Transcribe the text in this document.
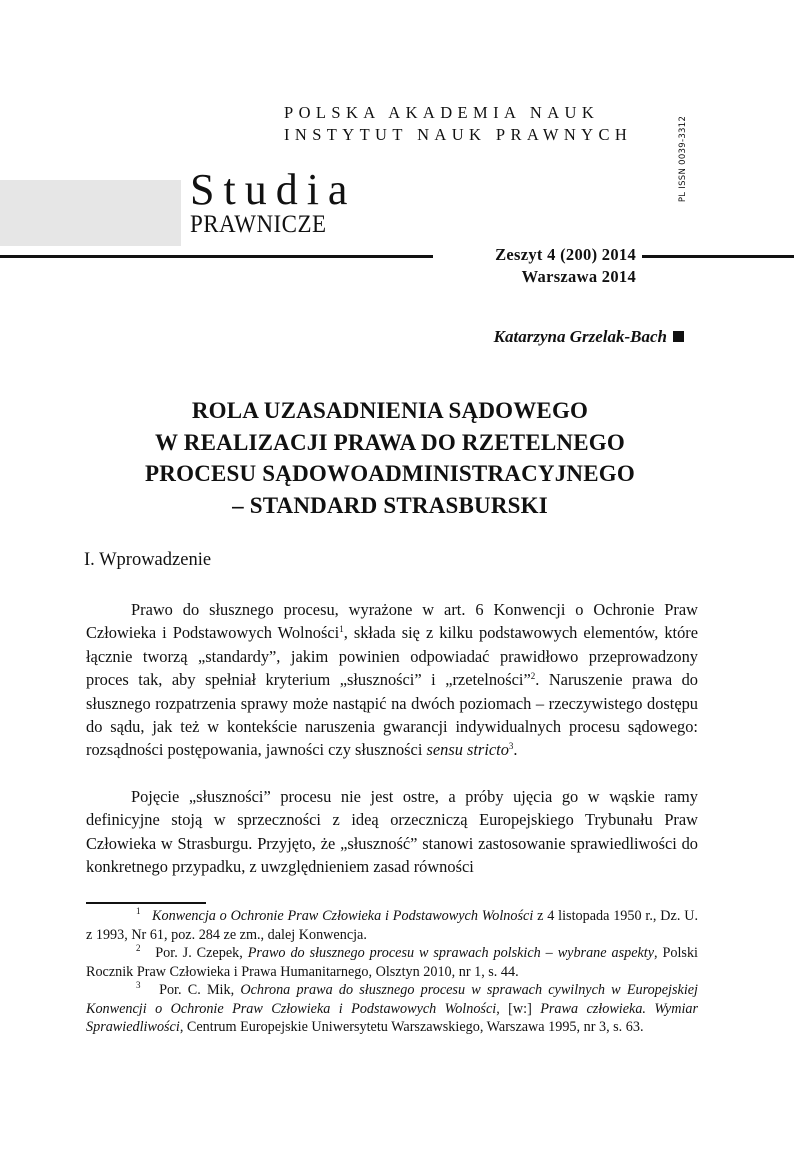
POLSKA AKADEMIA NAUK
INSTYTUT NAUK PRAWNYCH	PL ISSN 0039-3312
Studia
PRAWNICZE
Zeszyt 4 (200) 2014
Warszawa 2014
Katarzyna Grzelak-Bach
ROLA UZASADNIENIA SĄDOWEGO
W REALIZACJI PRAWA DO RZETELNEGO
PROCESU SĄDOWOADMINISTRACYJNEGO
– STANDARD STRASBURSKI
I. Wprowadzenie

Prawo do słusznego procesu, wyrażone w art. 6 Konwencji o Ochronie Praw Człowieka i Podstawowych Wolności$^1$, składa się z kilku podstawowych elementów, które łącznie tworzą „standardy”, jakim powinien odpowiadać prawidłowo przeprowadzony proces tak, aby spełniał kryterium „słuszności” i „rzetelności”$^2$. Naruszenie prawa do słusznego rozpatrzenia sprawy może nastąpić na dwóch poziomach – rzeczywistego dostępu do sądu, jak też w kontekście naruszenia gwarancji indywidualnych procesu sądowego: rozsądności postępowania, jawności czy słuszności sensu stricto$^3$.

Pojęcie „słuszności” procesu nie jest ostre, a próby ujęcia go w wąskie ramy definicyjne stoją w sprzeczności z ideą orzeczniczą Europejskiego Trybunału Praw Człowieka w Strasburgu. Przyjęto, że „słuszność” stanowi zastosowanie sprawiedliwości do konkretnego przypadku, z uwzględnieniem zasad równości

$^1$ Konwencja o Ochronie Praw Człowieka i Podstawowych Wolności z 4 listopada 1950 r., Dz. U. z 1993, Nr 61, poz. 284 ze zm., dalej Konwencja.

$^2$ Por. J. Czepek, Prawo do słusznego procesu w sprawach polskich – wybrane aspekty, Polski Rocznik Praw Człowieka i Prawa Humanitarnego, Olsztyn 2010, nr 1, s. 44.

$^3$ Por. C. Mik, Ochrona prawa do słusznego procesu w sprawach cywilnych w Europejskiej Konwencji o Ochronie Praw Człowieka i Podstawowych Wolności, [w:] Prawa człowieka. Wymiar Sprawiedliwości, Centrum Europejskie Uniwersytetu Warszawskiego, Warszawa 1995, nr 3, s. 63.
